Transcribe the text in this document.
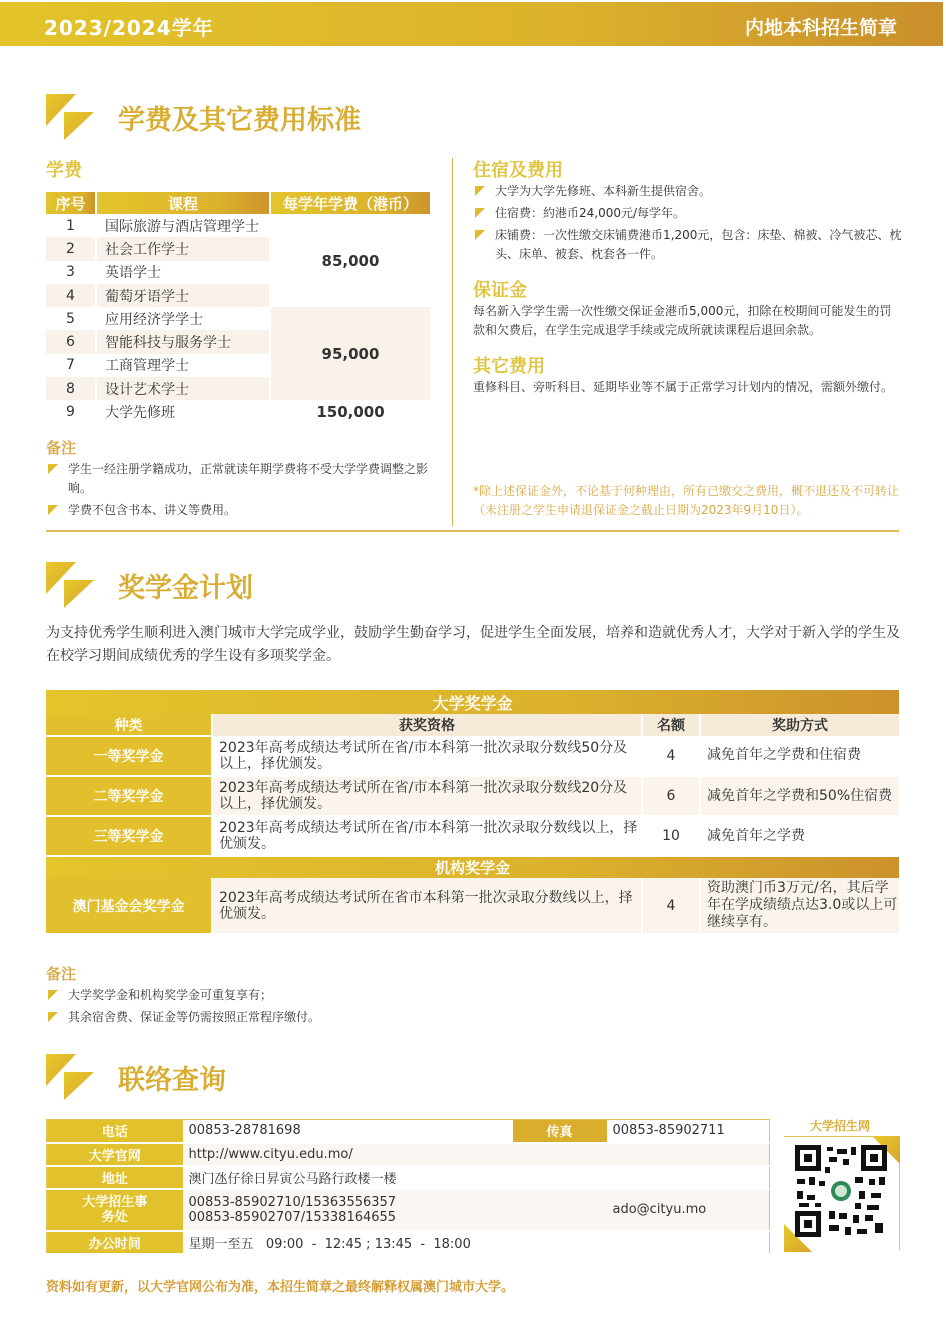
2023/2024学年	内地本科招生简章
学费及其它费用标准
学费
序号	课程	每学年学费（港币）
1	国际旅游与酒店管理学士	85,000
2	社会工作学士	
3	英语学士	
4	葡萄牙语学士	
5	应用经济学学士	95,000
6	智能科技与服务学士	
7	工商管理学士	
8	设计艺术学士	
9	大学先修班	150,000
备注
学生一经注册学籍成功，正常就读年期学费将不受大学学费调整之影响。
学费不包含书本、讲义等费用。
住宿及费用
大学为大学先修班、本科新生提供宿舍。
住宿费：約港币24,000元/每学年。
床铺费：一次性缴交床铺费港币1,200元，包含：床垫、棉被、冷气被芯、枕头、床单、被套、枕套各一件。
保证金
每名新入学学生需一次性缴交保证金港币5,000元，扣除在校期间可能发生的罚款和欠费后，在学生完成退学手续或完成所就读课程后退回余款。
其它费用
重修科目、旁听科目、延期毕业等不属于正常学习计划内的情况，需额外缴付。
*除上述保证金外，不论基于何种理由，所有已缴交之费用，概不退还及不可转让（未注册之学生申请退保证金之截止日期为2023年9月10日）。
奖学金计划
为支持优秀学生顺利进入澳门城市大学完成学业，鼓励学生勤奋学习，促进学生全面发展，培养和造就优秀人才，大学对于新入学的学生及在校学习期间成绩优秀的学生设有多项奖学金。
大学奖学金			
种类	获奖资格	名额	奖助方式
一等奖学金	2023年高考成绩达考试所在省/市本科第一批次录取分数线50分及以上，择优颁发。	4	减免首年之学费和住宿费
二等奖学金	2023年高考成绩达考试所在省/市本科第一批次录取分数线20分及以上，择优颁发。	6	减免首年之学费和50%住宿费
三等奖学金	2023年高考成绩达考试所在省/市本科第一批次录取分数线以上，择优颁发。	10	减免首年之学费
机构奖学金			
澳门基金会奖学金	2023年高考成绩达考试所在省市本科第一批次录取分数线以上，择优颁发。	4	资助澳门币3万元/名，其后学年在学成绩绩点达3.0或以上可继续享有。
备注
大学奖学金和机构奖学金可重复享有；
其余宿舍费、保证金等仍需按照正常程序缴付。
联络查询
电话	00853-28781698	传真	00853-85902711
大学官网	http://www.cityu.edu.mo/		
地址	澳门氹仔徐日昇寅公马路行政楼一楼		
大学招生事务处	00853-85902710/15363556357
00853-85902707/15338164655		ado@cityu.mo
办公时间	星期一至五   09:00  -  12:45 ; 13:45  -  18:00		
大学招生网
资料如有更新，以大学官网公布为准，本招生简章之最终解释权属澳门城市大学。
